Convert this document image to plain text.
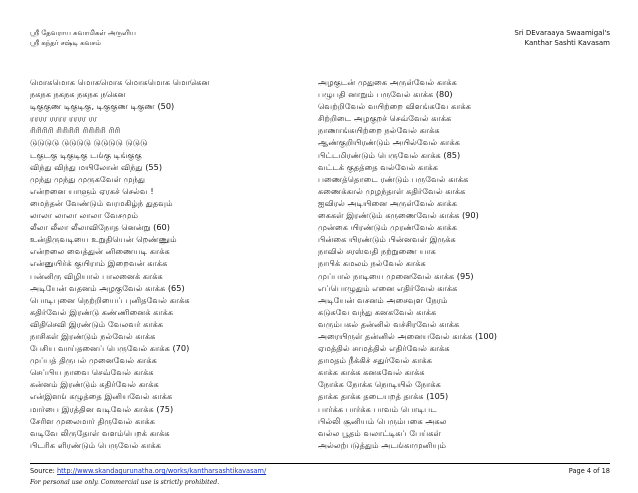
ஸ்ரீ தேவராய சுவாமிகள் அருளிய
ஸ்ரீ கந்தர் சஷ்டி கவசம்
Sri DEvaraaya Swaamigal's
Kanthar Sashti Kavasam
மொகமொக மொகமொக மொகமொக மொகென
நகநக நகநக நகநக நகென
டிகுகுண டிகுடிகு, டிகுகுண டிகுண (50)
ரரரர ரரரர ரரரர ரர
ரிரிரிரி ரிரிரிரி ரிரிரிரி ரிரி
டுடுடுடு டுடுடுடு டுடுடுடு டுடுடு
டகுடகு டிகுடிகு டங்கு டிங்குகு
விந்து விந்து மயிலோன் விந்து (55)
முந்து முந்து முருகவேள் முந்து
என்றனை யாளும் ஏரகச் செல்வ !
மைந்தன் வேண்டும் வரமகிழ்ந் துதவும்
லாலா லாலா லாலா வேசமும்
லீலா லீலா லீலாவிநோத னென்று (60)
உன்திருவடியை உறுதியென் றெண்ணும்
என்றலை வைத்துன் னிணையடி காக்க
என்னுயிர்க் குயிராம் இறைவன் காக்க
பன்னிரு விழியால் பாலனைக் காக்க
அடியேன் வதனம் அழகுவேல் காக்க (65)
பொடிபுனை நெற்றியைப் புனிதவேல் காக்க
கதிர்வேல் இரண்டு கண்ணினைக் காக்க
விதிசெவி இரண்டும் வேலவர் காக்க
நாசிகள் இரண்டும் நல்வேல் காக்க
பேசிய வாய்தனைப் பெருவேல் காக்க (70)
முப்பத் திருபல் முனைவேல் காக்க
செப்பிய நாவை செவ்வேல் காக்க
கன்னம் இரண்டும் கதிர்வேல் காக்க
என்இளங் கழுத்தை இனியவேல் காக்க
மார்பை இரத்தின வடிவேல் காக்க (75)
சேரிள முலைமார் திருவேல் காக்க
வடிவே லிருதோள் வளம்பெறக் காக்க
பிடரிக ளிரண்டும் பெருவேல் காக்க
அழகுடன் முதுகை அருள்வேல் காக்க
பழுபதி னாறும் பருவேல் காக்க (80)
வெற்றிவேல் வயிற்றை விளங்கவே காக்க
சிற்றிடை அழகுறச் செவ்வேல் காக்க
நாணாங்கயிற்றை நல்வேல் காக்க
ஆண்குறியிரண்டும் அயில்வேல் காக்க
பிட்டமிரண்டும் பெருவேல் காக்க (85)
வட்டக் குதத்தை வல்வேல் காக்க
பணைத்தொடை ரண்டும் பருவேல் காக்க
கணைக்கால் முழந்தாள் கதிர்வேல் காக்க
ஐவிரல் அடியினை அருள்வேல் காக்க
கைகள் இரண்டும் கருணைவேல் காக்க (90)
முன்கை யிரண்டும் முரண்வேல் காக்க
பின்கை யிரண்டும் பின்னவள் இருக்க
நாவில் சரஸ்வதி நற்றுணை யாக
நாபிக் கமலம் நல்வேல் காக்க
முப்பால் நாடியை முனைவேல் காக்க (95)
எப்பொழுதும் எனை எதிர்வேல் காக்க
அடியேன் வசனம் அசைவுள நேரம்
கடுகவே வந்து கனகவேல் காக்க
வரும்பகல் தன்னில் வச்சிரவேல் காக்க
அரையிருள் தன்னில் அனையவேல் காக்க (100)
ஏமத்தில் சாமத்தில் எதிர்வேல் காக்க
தாமதம் நீக்கிச் சதுர்வேல் காக்க
காக்க காக்க கனகவேல் காக்க
நோக்க நோக்க நொடியில் நோக்க
தாக்க தாக்க தடையறத் தாக்க (105)
பார்க்க பார்க்க பாவம் பொடிபட
பில்லி சூனியம் பெரும்பகை அகல
வல்ல பூதம் வலாட்டிகப் பேய்கள்
அல்லற்படுத்தும் அடங்காமுனியும்
Source: http://www.skandagurunatha.org/works/kantharsashtikavasam/	Page 4 of 18
For personal use only. Commercial use is strictly prohibited.
